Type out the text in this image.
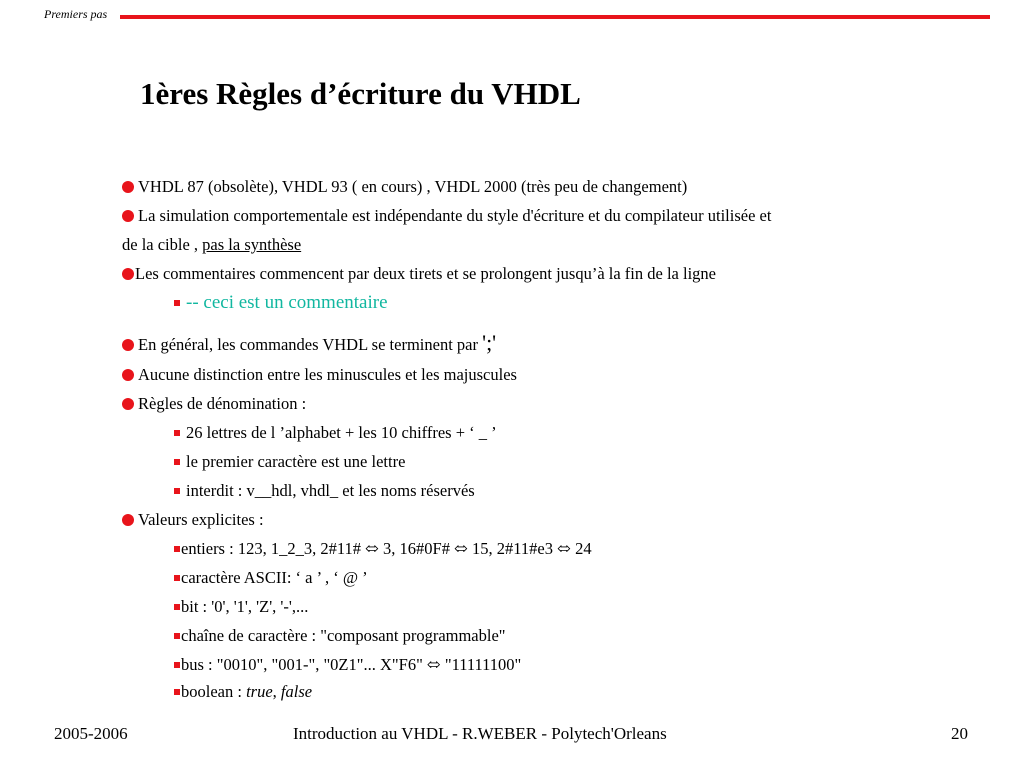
Premiers pas
1ères Règles d’écriture du VHDL
VHDL 87 (obsolète), VHDL 93 ( en cours) , VHDL 2000 (très peu de changement)
La simulation comportementale est indépendante du style d'écriture et du compilateur utilisée et
de la cible , pas la synthèse
Les commentaires commencent par deux tirets et se prolongent jusqu’à la fin de la ligne
-- ceci est un commentaire
En général, les commandes VHDL se terminent par ';'
Aucune distinction entre les minuscules et les majuscules
Règles de dénomination :
26 lettres de l ’alphabet + les 10 chiffres + ‘ _ ’
le premier caractère est une lettre
interdit : v__hdl, vhdl_ et les noms réservés
Valeurs explicites :
entiers : 123, 1_2_3, 2#11# ⬄ 3, 16#0F# ⬄ 15, 2#11#e3 ⬄ 24
caractère ASCII: ‘ a ’ , ‘ @ ’
bit : '0', '1', 'Z', '-',...
chaîne de caractère : "composant programmable"
bus : "0010", "001-", "0Z1"... X"F6" ⬄ "11111100"
boolean : true, false
2005-2006	Introduction au VHDL - R.WEBER - Polytech'Orleans	20
